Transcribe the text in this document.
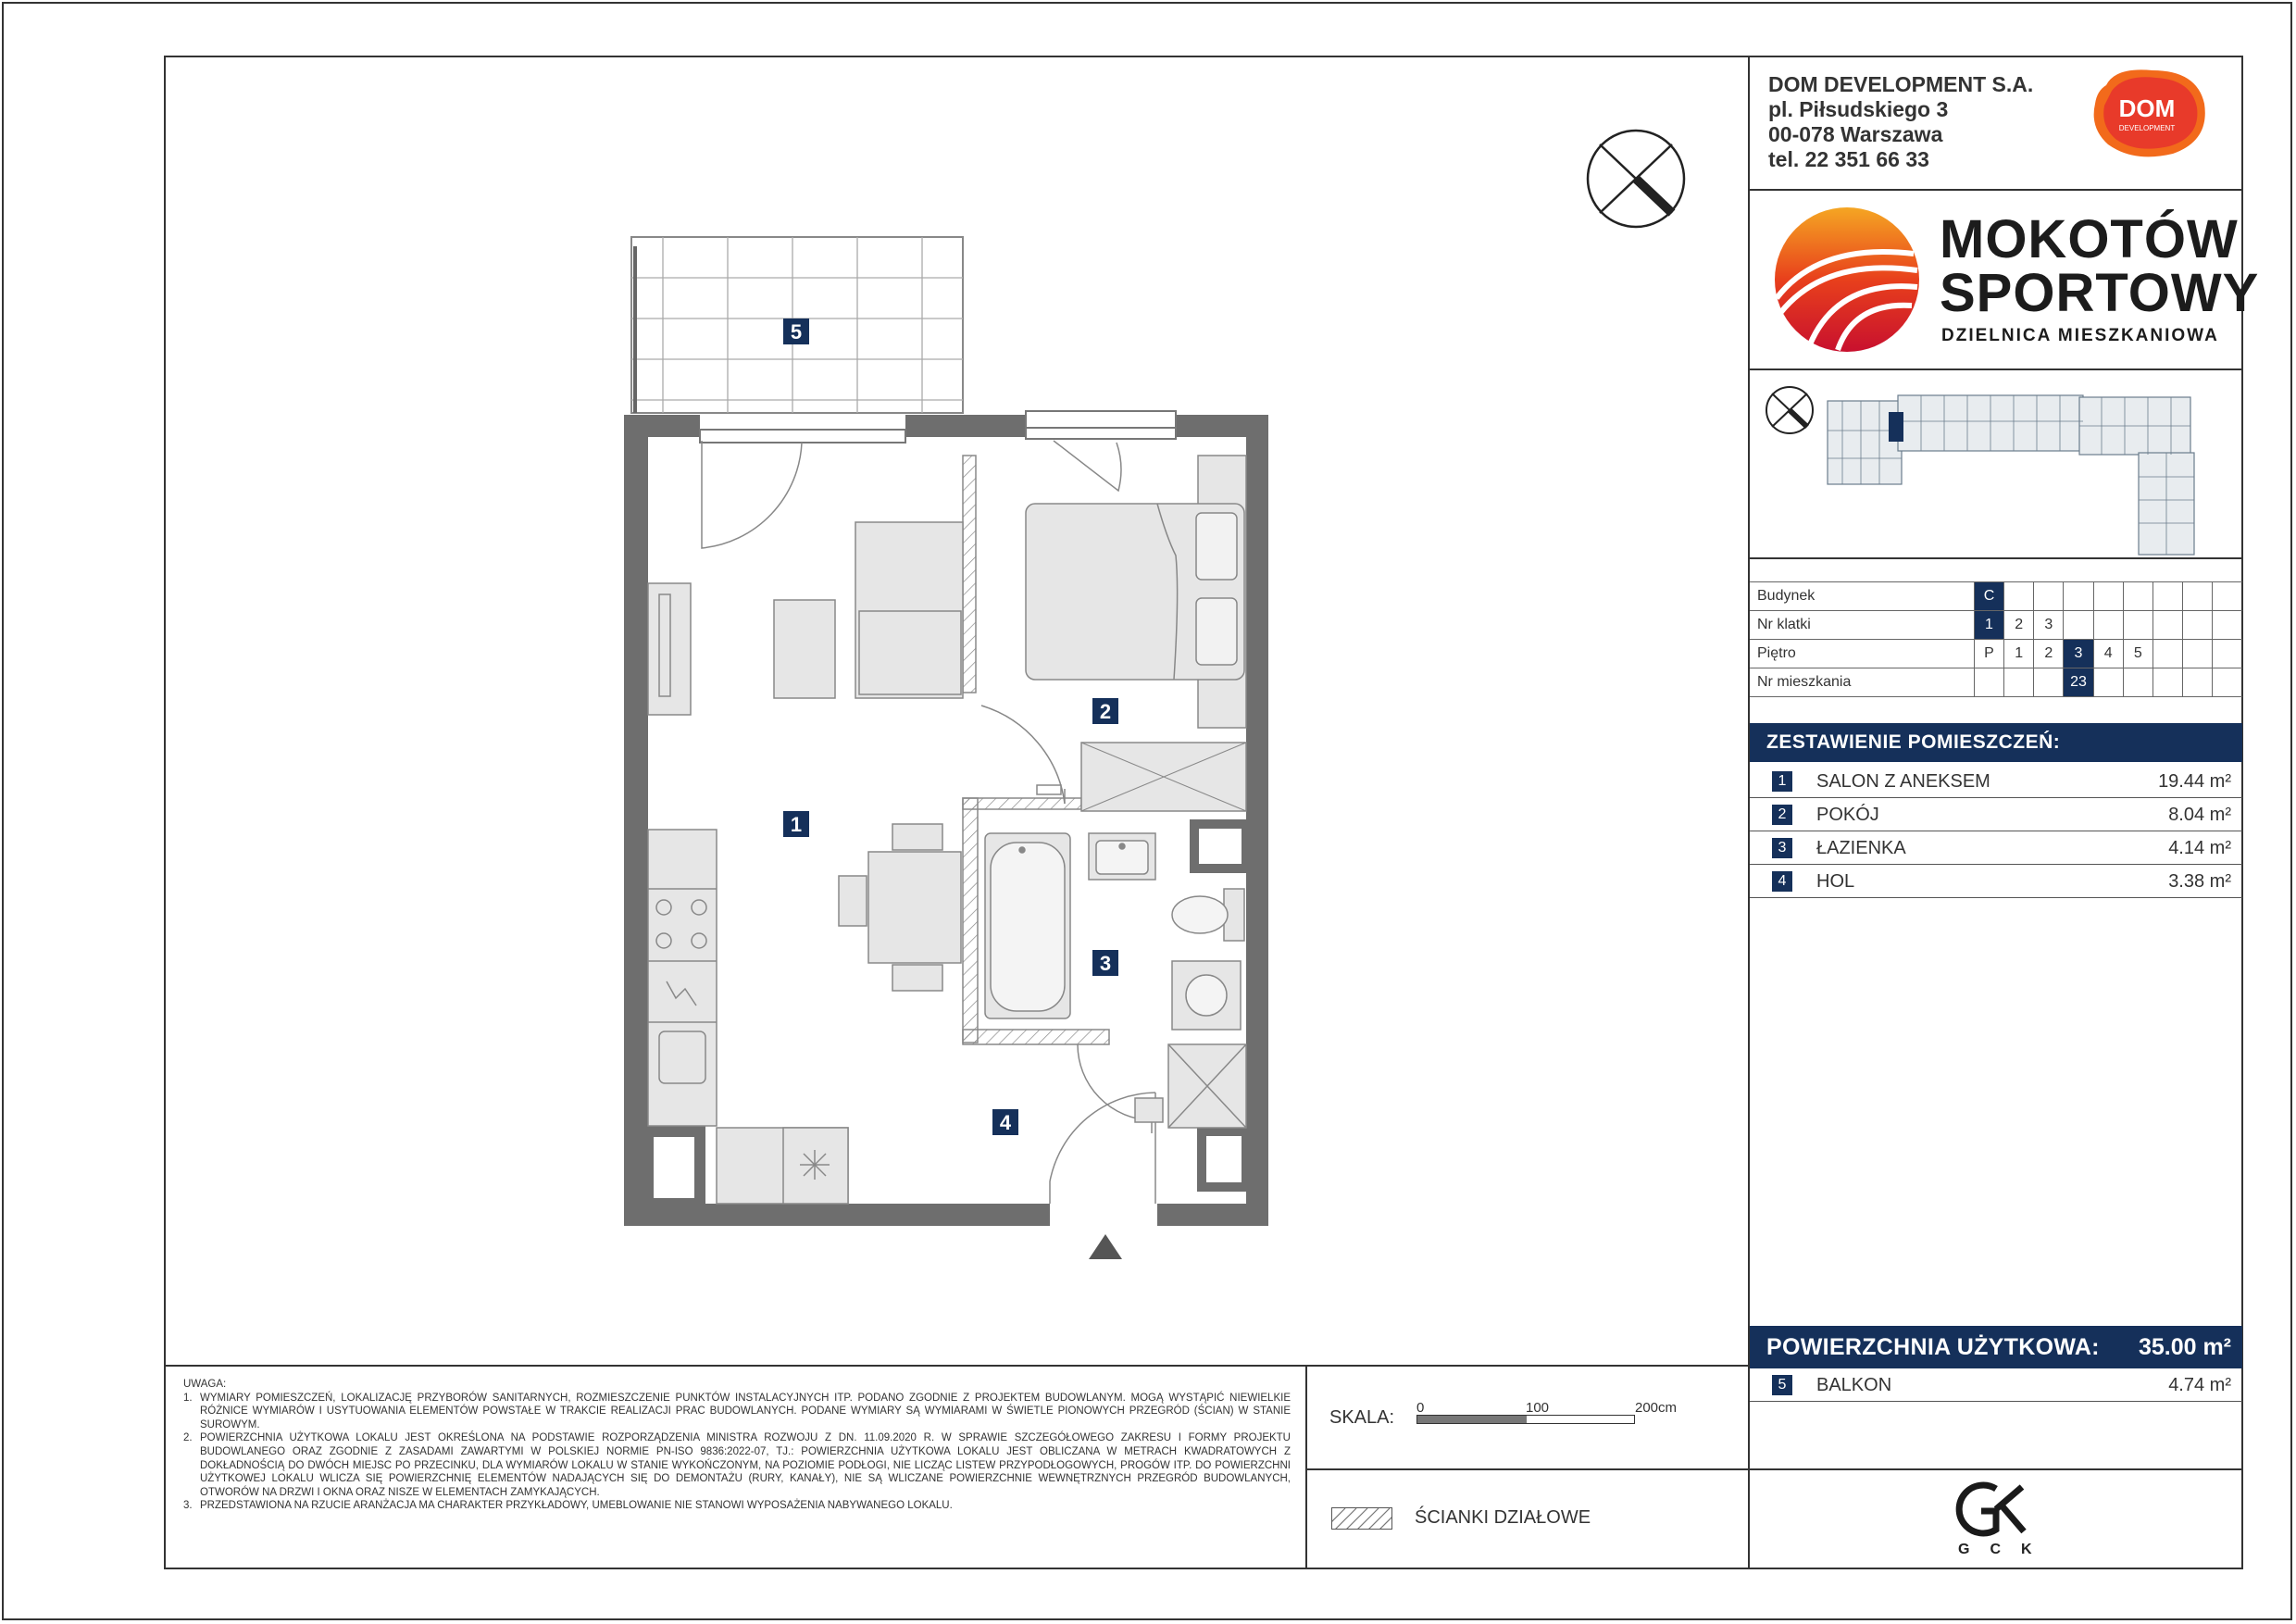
DOM DEVELOPMENT S.A.
pl. Piłsudskiego 3
00-078 Warszawa
tel. 22 351 66 33
DOM
DEVELOPMENT
MOKOTÓW
SPORTOWY
DZIELNICA MIESZKANIOWA
Budynek	C								
Nr klatki	1	2	3						
Piętro	P	1	2	3	4	5			
Nr mieszkania				23					
ZESTAWIENIE POMIESZCZEŃ:
1	SALON Z ANEKSEM	19.44 m²
2	POKÓJ	8.04 m²
3	ŁAZIENKA	4.14 m²
4	HOL	3.38 m²
POWIERZCHNIA UŻYTKOWA: 35.00 m²
5	BALKON	4.74 m²
GCK

UWAGA:

1. WYMIARY POMIESZCZEŃ, LOKALIZACJĘ PRZYBORÓW SANITARNYCH, ROZMIESZCZENIE PUNKTÓW INSTALACYJNYCH ITP. PODANO ZGODNIE Z PROJEKTEM BUDOWLANYM. MOGĄ WYSTĄPIĆ NIEWIELKIE RÓŻNICE WYMIARÓW I USYTUOWANIA ELEMENTÓW POWSTAŁE W TRAKCIE REALIZACJI PRAC BUDOWLANYCH. PODANE WYMIARY SĄ WYMIARAMI W ŚWIETLE PIONOWYCH PRZEGRÓD (ŚCIAN) W STANIE SUROWYM.

2. POWIERZCHNIA UŻYTKOWA LOKALU JEST OKREŚLONA NA PODSTAWIE ROZPORZĄDZENIA MINISTRA ROZWOJU Z DN. 11.09.2020 R. W SPRAWIE SZCZEGÓŁOWEGO ZAKRESU I FORMY PROJEKTU BUDOWLANEGO ORAZ ZGODNIE Z ZASADAMI ZAWARTYMI W POLSKIEJ NORMIE PN-ISO 9836:2022-07, TJ.: POWIERZCHNIA UŻYTKOWA LOKALU JEST OBLICZANA W METRACH KWADRATOWYCH Z DOKŁADNOŚCIĄ DO DWÓCH MIEJSC PO PRZECINKU, DLA WYMIARÓW LOKALU W STANIE WYKOŃCZONYM, NA POZIOMIE PODŁOGI, NIE LICZĄC LISTEW PRZYPODŁOGOWYCH, PROGÓW ITP. DO POWIERZCHNI UŻYTKOWEJ LOKALU WLICZA SIĘ POWIERZCHNIĘ ELEMENTÓW NADAJĄCYCH SIĘ DO DEMONTAŻU (RURY, KANAŁY), NIE SĄ WLICZANE POWIERZCHNIE WEWNĘTRZNYCH PRZEGRÓD BUDOWLANYCH, OTWORÓW NA DRZWI I OKNA ORAZ NISZE W ELEMENTACH ZAMYKAJĄCYCH.

3. PRZEDSTAWIONA NA RZUCIE ARANŻACJA MA CHARAKTER PRZYKŁADOWY, UMEBLOWANIE NIE STANOWI WYPOSAŻENIA NABYWANEGO LOKALU.

SKALA: 0	100	200cm
ŚCIANKI DZIAŁOWE
5
2
1
3
4
